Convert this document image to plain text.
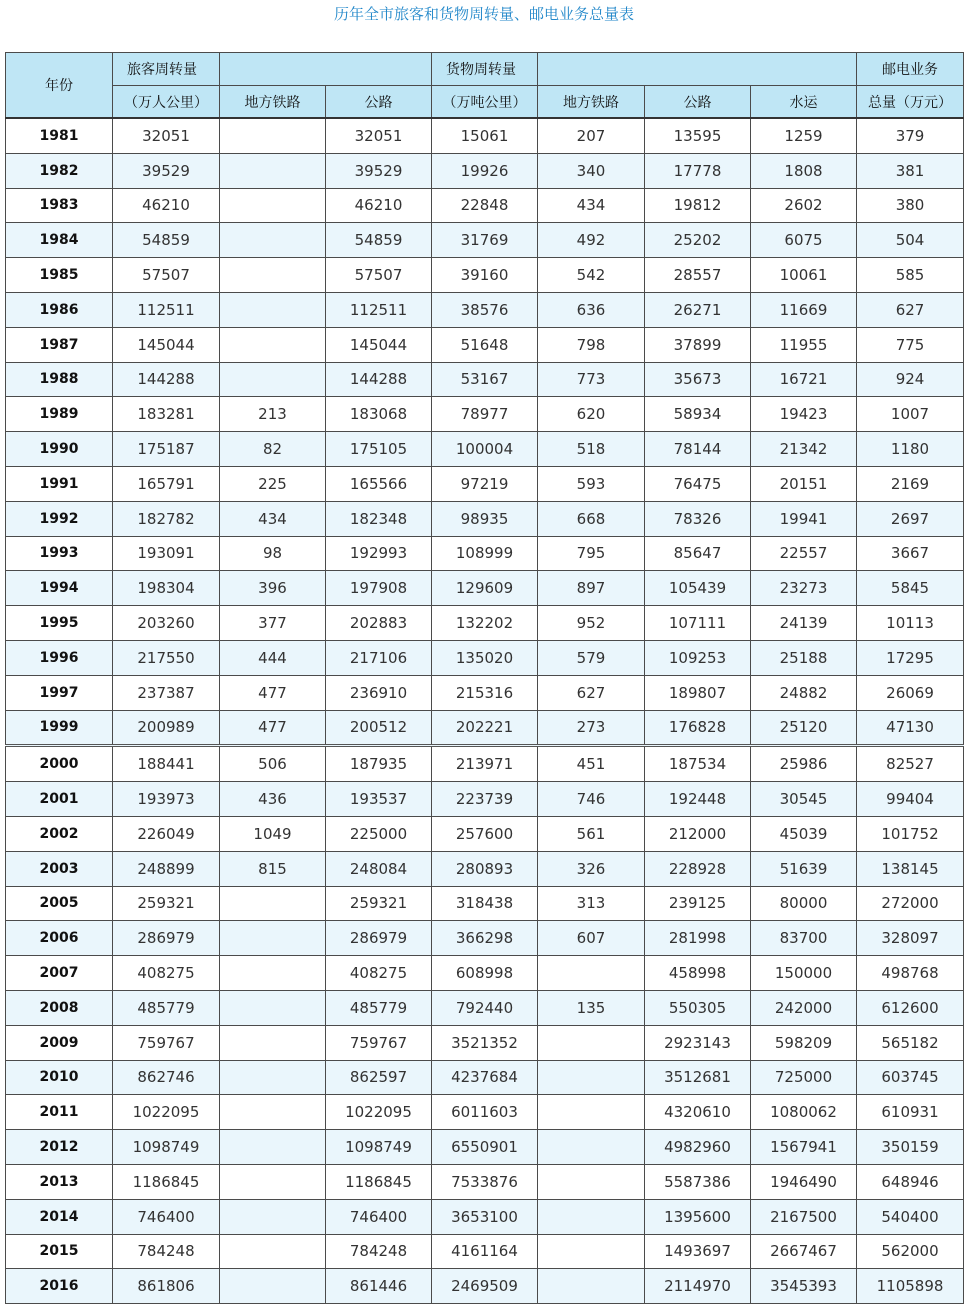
历年全市旅客和货物周转量、邮电业务总量表
年份	旅客周转量			货物周转量				邮电业务
	（万人公里）	地方铁路	公路	（万吨公里）	地方铁路	公路	水运	总量（万元）
1981	32051		32051	15061	207	13595	1259	379
1982	39529		39529	19926	340	17778	1808	381
1983	46210		46210	22848	434	19812	2602	380
1984	54859		54859	31769	492	25202	6075	504
1985	57507		57507	39160	542	28557	10061	585
1986	112511		112511	38576	636	26271	11669	627
1987	145044		145044	51648	798	37899	11955	775
1988	144288		144288	53167	773	35673	16721	924
1989	183281	213	183068	78977	620	58934	19423	1007
1990	175187	82	175105	100004	518	78144	21342	1180
1991	165791	225	165566	97219	593	76475	20151	2169
1992	182782	434	182348	98935	668	78326	19941	2697
1993	193091	98	192993	108999	795	85647	22557	3667
1994	198304	396	197908	129609	897	105439	23273	5845
1995	203260	377	202883	132202	952	107111	24139	10113
1996	217550	444	217106	135020	579	109253	25188	17295
1997	237387	477	236910	215316	627	189807	24882	26069
1999	200989	477	200512	202221	273	176828	25120	47130
2000	188441	506	187935	213971	451	187534	25986	82527
2001	193973	436	193537	223739	746	192448	30545	99404
2002	226049	1049	225000	257600	561	212000	45039	101752
2003	248899	815	248084	280893	326	228928	51639	138145
2005	259321		259321	318438	313	239125	80000	272000
2006	286979		286979	366298	607	281998	83700	328097
2007	408275		408275	608998		458998	150000	498768
2008	485779		485779	792440	135	550305	242000	612600
2009	759767		759767	3521352		2923143	598209	565182
2010	862746		862597	4237684		3512681	725000	603745
2011	1022095		1022095	6011603		4320610	1080062	610931
2012	1098749		1098749	6550901		4982960	1567941	350159
2013	1186845		1186845	7533876		5587386	1946490	648946
2014	746400		746400	3653100		1395600	2167500	540400
2015	784248		784248	4161164		1493697	2667467	562000
2016	861806		861446	2469509		2114970	3545393	1105898
